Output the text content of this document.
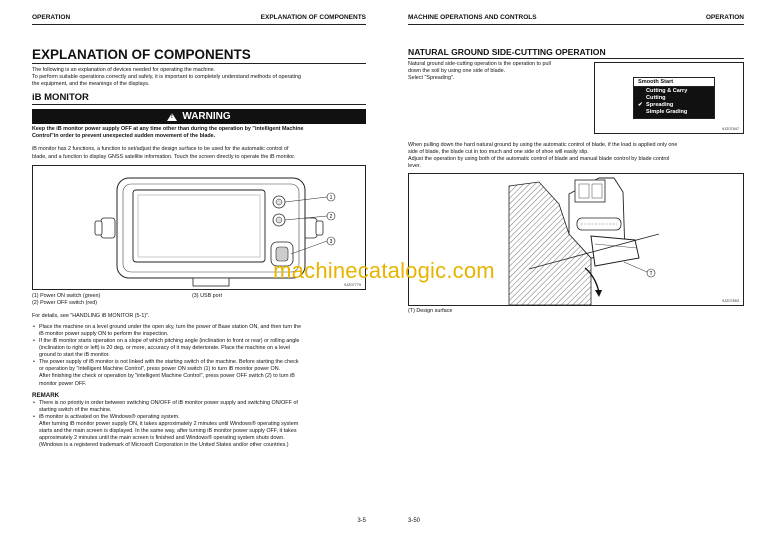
OPERATION	EXPLANATION OF COMPONENTS
EXPLANATION OF COMPONENTS
The following is an explanation of devices needed for operating the machine.
To perform suitable operations correctly and safely, it is important to completely understand methods of operating
the equipment, and the meanings of the displays.
iB MONITOR
!
WARNING
Keep the iB monitor power supply OFF at any time other than during the operation by "intelligent Machine
Control"in order to prevent unexpected sudden movement of the blade.
iB monitor has 2 functions, a function to set/adjust the design surface to be used for the automatic control of
blade, and a function to display GNSS satellite information. Touch the screen directly to operate the iB monitor.
1
2
3
9JZ07779
(1) Power ON switch (green)	(3) USB port
(2) Power OFF switch (red)
For details, see "HANDLING iB MONITOR (5-1)".
• Place the machine on a level ground under the open sky, turn the power of Base station ON, and then turn the
iB monitor power supply ON to perform the inspection.
• If the iB monitor starts operation on a slope of which pitching angle (inclination to front or rear) or rolling angle
(inclination to right or left) is 20 deg. or more, accuracy of it may deteriorate. Place the machine on a level
ground to start the iB monitor.
• The power supply of iB monitor is not linked with the starting switch of the machine. Before starting the check
or operation by "intelligent Machine Control", press power ON switch (1) to turn iB monitor power ON.
After finishing the check or operation by "intelligent Machine Control", press power OFF switch (2) to turn iB
monitor power OFF.
REMARK
• There is no priority in order between switching ON/OFF of iB monitor power supply and switching ON/OFF of
starting switch of the machine.
• iB monitor is activated on the Windows® operating system.
After turning iB monitor power supply ON, it takes approximately 2 minutes until Windows® operating system
starts and the main screen is displayed. In the same way, after turning iB monitor power supply OFF, it takes
approximately 2 minutes until the main screen is finished and Windows® operating system shuts down.
(Windows is a registered trademark of Microsoft Corporation in the United States and/or other countries.)
3-5
MACHINE OPERATIONS AND CONTROLS	OPERATION
NATURAL GROUND SIDE-CUTTING OPERATION
Natural ground side-cutting operation is the operation to pull
down the soil by using one side of blade.
Select "Spreading".
Smooth Start
Cutting & Carry
Cutting
✔ Spreading
Simple Grading
9JZ07847
When pulling down the hard natural ground by using the automatic control of blade, if the load is applied only one
side of blade, the blade cut in too much and one side of shoe will easily slip.
Adjust the operation by using both of the automatic control of blade and manual blade control by blade control
lever.
T
9JZ07853
(T) Design surface
3-50
machinecatalogic.com
